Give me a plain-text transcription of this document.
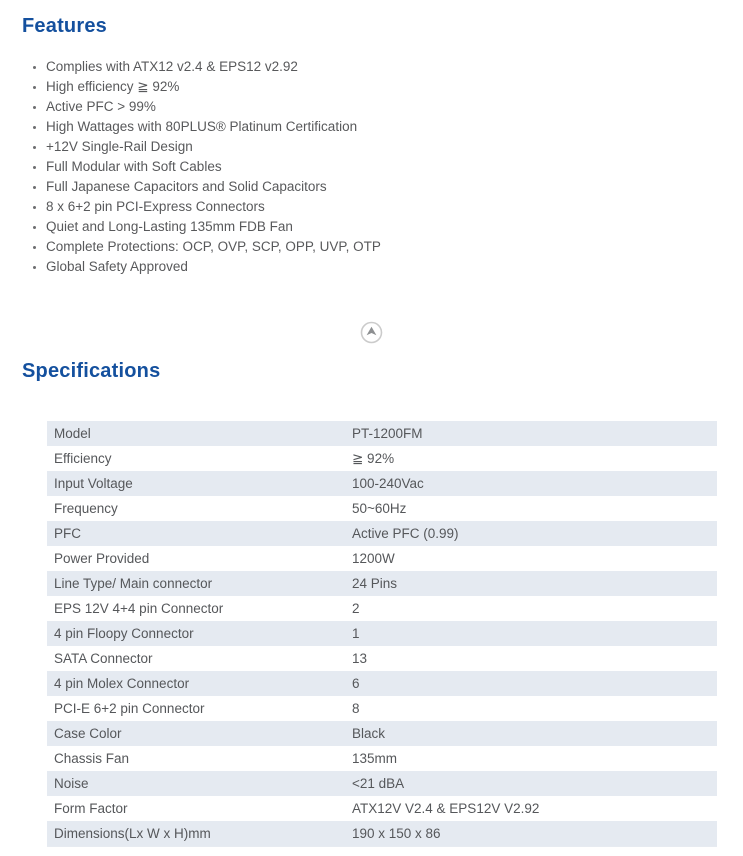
Features
• Complies with ATX12 v2.4 & EPS12 v2.92
• High efficiency ≧ 92%
• Active PFC > 99%
• High Wattages with 80PLUS® Platinum Certification
• +12V Single-Rail Design
• Full Modular with Soft Cables
• Full Japanese Capacitors and Solid Capacitors
• 8 x 6+2 pin PCI-Express Connectors
• Quiet and Long-Lasting 135mm FDB Fan
• Complete Protections: OCP, OVP, SCP, OPP, UVP, OTP
• Global Safety Approved
Specifications
Model	PT-1200FM
Efficiency	≧ 92%
Input Voltage	100-240Vac
Frequency	50~60Hz
PFC	Active PFC (0.99)
Power Provided	1200W
Line Type/ Main connector	24 Pins
EPS 12V 4+4 pin Connector	2
4 pin Floopy Connector	1
SATA Connector	13
4 pin Molex Connector	6
PCI-E 6+2 pin Connector	8
Case Color	Black
Chassis Fan	135mm
Noise	<21 dBA
Form Factor	ATX12V V2.4 & EPS12V V2.92
Dimensions(Lx W x H)mm	190 x 150 x 86
